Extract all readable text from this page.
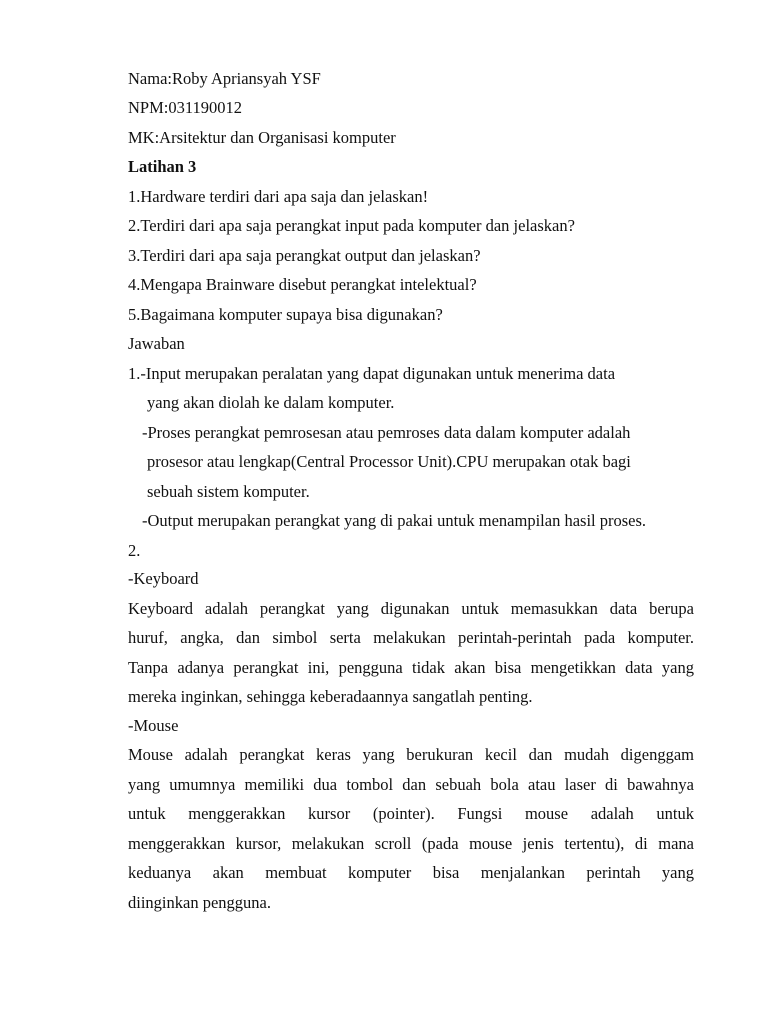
Nama:Roby Apriansyah YSF

NPM:031190012

MK:Arsitektur dan Organisasi komputer

Latihan 3

1.Hardware terdiri dari apa saja dan jelaskan!

2.Terdiri dari apa saja perangkat input pada komputer dan jelaskan?

3.Terdiri dari apa saja perangkat output dan jelaskan?

4.Mengapa Brainware disebut perangkat intelektual?

5.Bagaimana komputer supaya bisa digunakan?

Jawaban

1.-Input merupakan peralatan yang dapat digunakan untuk menerima data

yang akan diolah ke dalam komputer.

-Proses perangkat pemrosesan atau pemroses data dalam komputer adalah

prosesor atau lengkap(Central Processor Unit).CPU merupakan otak bagi

sebuah sistem komputer.

-Output merupakan perangkat yang di pakai untuk menampilan hasil proses.

2.

-Keyboard

Keyboard adalah perangkat yang digunakan untuk memasukkan data berupa

huruf, angka, dan simbol serta melakukan perintah-perintah pada komputer.

Tanpa adanya perangkat ini, pengguna tidak akan bisa mengetikkan data yang

mereka inginkan, sehingga keberadaannya sangatlah penting.

-Mouse

Mouse adalah perangkat keras yang berukuran kecil dan mudah digenggam

yang umumnya memiliki dua tombol dan sebuah bola atau laser di bawahnya

untuk menggerakkan kursor (pointer). Fungsi mouse adalah untuk

menggerakkan kursor, melakukan scroll (pada mouse jenis tertentu), di mana

keduanya akan membuat komputer bisa menjalankan perintah yang

diinginkan pengguna.
